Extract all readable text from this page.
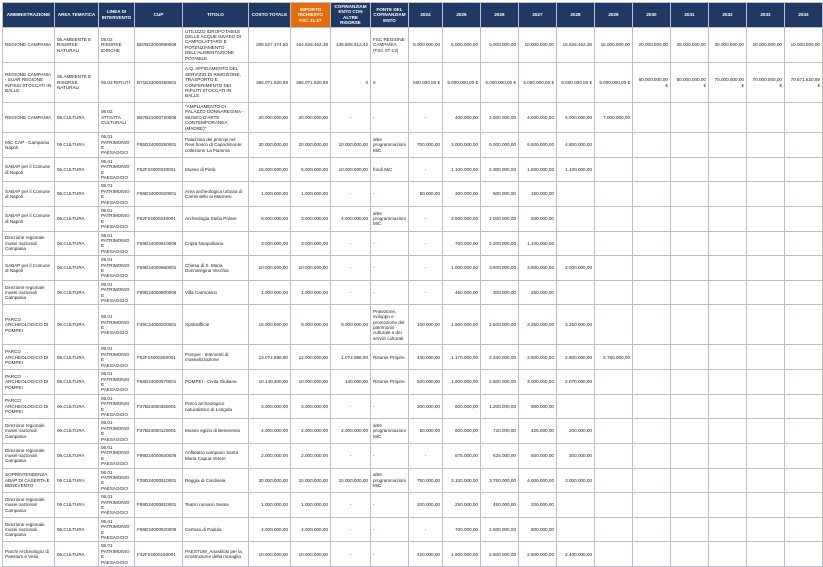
AMMINISTRAZIONE	AREA TEMATICA	LINEA DI INTERVENTO	CUP	TITOLO	COSTO TOTALE	IMPORTO RICHIESTO FSC 21-27	COFINANZIAMENTO CON ALTRE RISORSE	FONTE DEL COFINANZIAMENTO	2024	2025	2026	2027	2028	2029	2030	2031	2032	2033	2034
REGIONE CAMPANIA	05.AMBIENTE E RISORSE NATURALI	05.02 RISORSE IDRICHE	B87B23000990009	UTILIZZO IDROPOTABILE DELLE ACQUE INVASO DI CAMPOLATTARO E POTENZIAMENTO DELL'ALIMENTAZIONE POTABILE	208.527.374,50	154.828.462,38	135.808.512,42	FSC REGIONE CAMPANIA (FSC 07-13)	5.000.000,00	5.000.000,00	5.000.000,00	10.000.000,00	16.828.462,38	15.000.000,00	20.000.000,00	28.000.000,00	30.000.000,00	20.000.000,00	10.000.000,00
REGIONE CAMPANIA - SUAR REGIONE INFISSI STOCCATI IN BALLE	05.AMBIENTE E RISORSE NATURALI	05.03 RIFIUTI	B71E23000350001	A.Q. AFFIDAMENTO DEL SERVIZIO DI RIMOZIONE, TRASPORTO E CONFERIMENTO DEI RIFIUTI STOCCATI IN BALLE	356.071.620,69	356.071.620,69	0	0	500.000,00 €	5.000.000,00 €	5.000.000,00 €	5.000.000,00 €	5.000.000,00 €	5.000.000,00 €	60.000.000,00 €	80.000.000,00 €	70.000.000,00 €	70.000.000,00 €	70.571.620,69 €
REGIONE CAMPANIA	06.CULTURA	06.02 ATTIVITÀ CULTURALI	B67B21000720006	"AMPLIAMENTO DI PALAZZO DONNAREGINA - MUSEO D'ARTE CONTEMPORANEA (MADRE)"	20.000.000,00	20.000.000,00	-	-	-	400.000,00	2.000.000,00	4.000.000,00	6.000.000,00	7.000.000,00					
MiC-CAP - Campania Napoli	06.CULTURA	06.01 PATRIMONIO E PAESAGGIO	F65D24000250001	Palazzina dei principi nel Real bosco di Capodimonte: collezione La Fiamma	30.000.000,00	20.000.000,00	10.000.000,00	altre programmazioni MiC	700.000,00	3.000.000,00	5.000.000,00	6.500.000,00	4.800.000,00						
SABAP per il Comune di Napoli	06.CULTURA	06.01 PATRIMONIO E PAESAGGIO	F62F24000230001	Museo di Pietà	15.000.000,00	5.000.000,00	10.000.000,00	fondi MiC	-	1.100.000,00	2.300.000,00	1.600.000,00	1.100.000,00						
SABAP per il Comune di Napoli	06.CULTURA	06.01 PATRIMONIO E PAESAGGIO	F69D24000020001	Area archeologica urbana di Carminiello ai Mannesi	1.000.000,00	1.000.000,00	-	-	50.000,00	300.000,00	500.000,00	150.000,00							
SABAP per il Comune di Napoli	06.CULTURA	06.01 PATRIMONIO E PAESAGGIO	F62F24000240001	Archeologia Stella Polare	8.000.000,00	3.000.000,00	4.000.000,00	altre programmazioni MiC	-	2.500.000,00	2.000.000,00	500.000,00							
Direzione regionale musei nazionali Campania	06.CULTURA	06.01 PATRIMONIO E PAESAGGIO	F69D24000610006	Cripta Neapolitana	3.000.000,00	3.000.000,00	-	-	-	700.000,00	2.200.000,00	1.100.000,00							
SABAP per il Comune di Napoli	06.CULTURA	06.01 PATRIMONIO E PAESAGGIO	F69D24000660001	Chiesa di S. Maria Donnaregina Vecchia	10.000.000,00	10.000.000,00	-	-	-	1.000.000,00	3.500.000,00	3.500.000,00	2.000.000,00						
Direzione regionale musei nazionali Campania	06.CULTURA	06.01 PATRIMONIO E PAESAGGIO	F69D24000800006	Villa Carmosino	1.000.000,00	1.000.000,00	-	-	-	450.000,00	300.000,00	250.000,00							
PARCO ARCHEOLOGICO DI POMPEI	06.CULTURA	06.01 PATRIMONIO E PAESAGGIO	F49C24000200001	Spolistifficie	16.000.000,00	8.000.000,00	8.000.000,00	Protezione, sviluppo e promozione del patrimonio culturale e dei servizi culturali	100.000,00	1.900.000,00	2.500.000,00	2.250.000,00	3.250.000,00						
PARCO ARCHEOLOGICO DI POMPEI	06.CULTURA	06.01 PATRIMONIO E PAESAGGIO	F62F24000260001	Pompei - Interventi di musealizzazione	13.072.996,90	12.000.000,00	1.072.996,90	Risorse Proprie	430.000,00	1.170.000,00	2.340.000,00	2.500.000,00	2.800.000,00	2.760.000,00					
PARCO ARCHEOLOGICO DI POMPEI	06.CULTURA	06.01 PATRIMONIO E PAESAGGIO	F68D24000570001	POMPEI - Civita Giuliana	10.140.300,00	10.000.000,00	140.000,00	Risorse Proprie	520.000,00	1.900.000,00	2.500.000,00	3.000.000,00	2.070.000,00						
PARCO ARCHEOLOGICO DI POMPEI	06.CULTURA	06.01 PATRIMONIO E PAESAGGIO	F37B24000390001	Parco archeologico naturalistico di Longola	3.000.000,00	3.000.000,00	-	-	300.000,00	600.000,00	1.200.000,00	900.000,00							
Direzione regionale musei nazionali Campania	06.CULTURA	06.01 PATRIMONIO E PAESAGGIO	F37B24000120001	Museo egizio di Benevento	4.000.000,00	2.000.000,00	2.000.000,00	altre programmazioni MiC	50.000,00	600.000,00	720.000,00	425.000,00	200.000,00						
Direzione regionale musei nazionali Campania	06.CULTURA	06.01 PATRIMONIO E PAESAGGIO	F99D24000640006	Anfiteatro campano Santa Maria Capua Vetere	2.000.000,00	2.000.000,00	-	-	-	575.000,00	625.000,00	500.000,00	300.000,00						
SOPRINTENDENZA ABAP DI CASERTA E BENEVENTO	06.CULTURA	06.01 PATRIMONIO E PAESAGGIO	F29D24000510001	Reggia di Cardinela	30.000.000,00	15.000.000,00	15.000.000,00	altre programmazioni MiC	750.000,00	3.100.000,00	3.750.000,00	4.000.000,00	3.000.000,00						
Direzione regionale musei nazionali Campania	06.CULTURA	06.01 PATRIMONIO E PAESAGGIO	F69D24000810001	Teatro romano Sessa	1.000.000,00	1.000.000,00	-	-	100.000,00	250.000,00	450.000,00	200.000,00							
Direzione regionale musei nazionali Campania	06.CULTURA	06.01 PATRIMONIO E PAESAGGIO	F69D24000520006	Certosa di Padula	4.000.000,00	4.000.000,00	-	-	-	700.000,00	2.500.000,00	800.000,00							
Parchi Archeologici di Paestum e Velia	06.CULTURA	06.01 PATRIMONIO E PAESAGGIO	F42F24000150001	PAESTUM_Anastilosi per la ricostruzione della muraglia	10.000.000,00	10.000.000,00	-	-	420.000,00	1.600.000,00	2.500.000,00	2.500.000,00	2.400.000,00						
